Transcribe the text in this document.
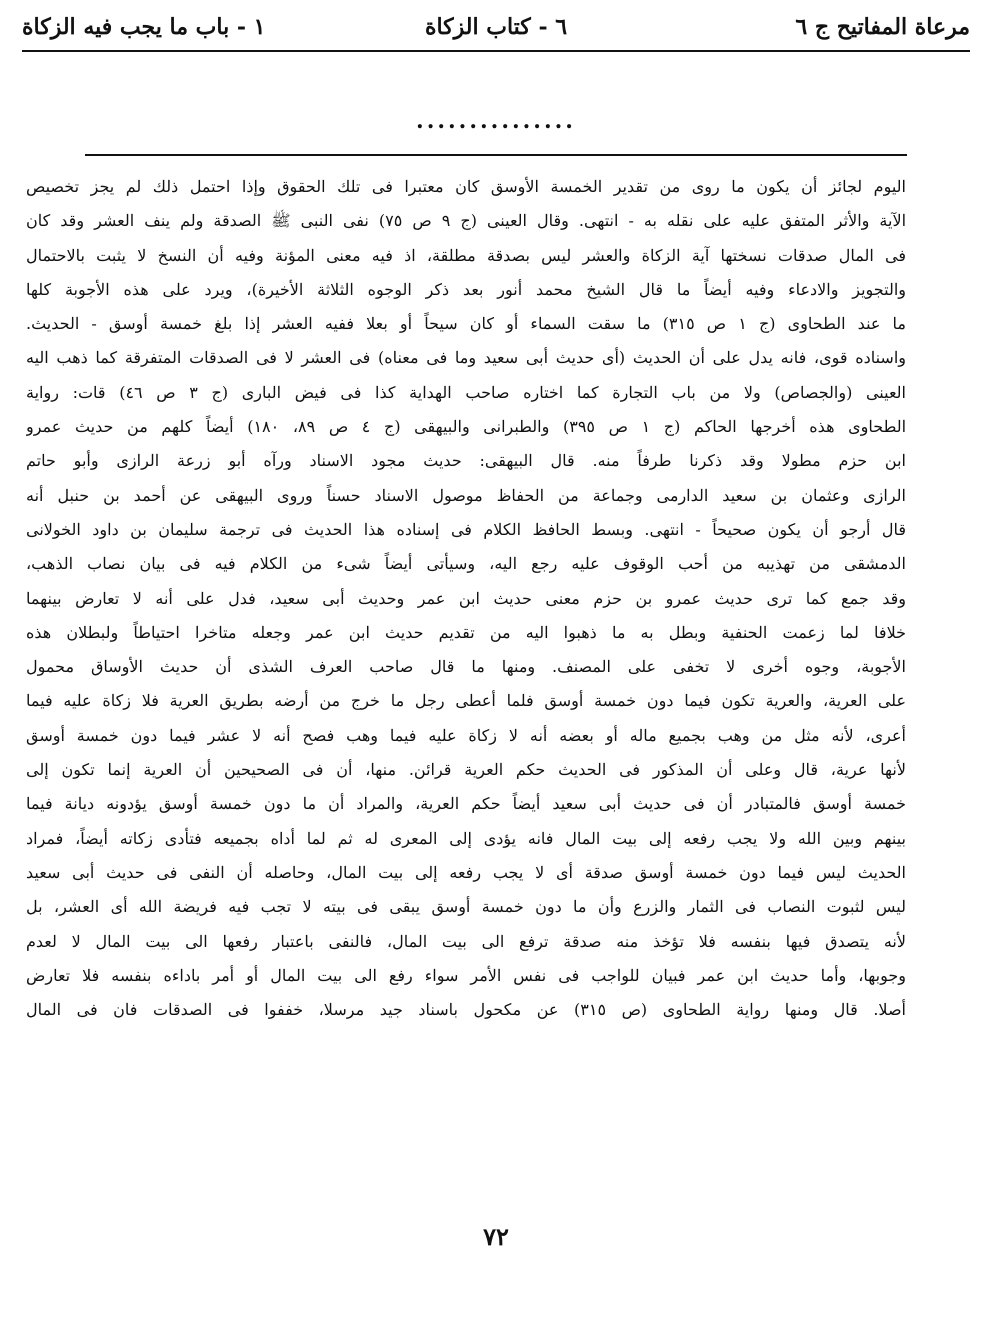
مرعاة المفاتيح ج ٦
٦ - كتاب الزكاة
١ - باب ما يجب فيه الزكاة
...............
اليوم لجائز أن يكون ما روى من تقدير الخمسة الأوسق كان معتبرا فى تلك الحقوق وإذا احتمل ذلك لم يجز تخصيص
الآية والأثر المتفق عليه على نقله به - انتهى. وقال العينى (ج ٩ ص ٧٥) نفى النبى ﷺ الصدقة ولم ينف العشر وقد كان
فى المال صدقات نسختها آية الزكاة والعشر ليس بصدقة مطلقة، اذ فيه معنى المؤنة وفيه أن النسخ لا يثبت بالاحتمال
والتجويز والادعاء وفيه أيضاً ما قال الشيخ محمد أنور بعد ذكر الوجوه الثلاثة الأخيرة)، ويرد على هذه الأجوبة كلها
ما عند الطحاوى (ج ١ ص ٣١٥) ما سقت السماء أو كان سيحاً أو بعلا ففيه العشر إذا بلغ خمسة أوسق - الحديث.
واسناده قوى، فانه يدل على أن الحديث (أى حديث أبى سعيد وما فى معناه) فى العشر لا فى الصدقات المتفرقة كما ذهب اليه
العينى (والجصاص) ولا من باب التجارة كما اختاره صاحب الهداية كذا فى فيض البارى (ج ٣ ص ٤٦) قات: رواية
الطحاوى هذه أخرجها الحاكم (ج ١ ص ٣٩٥) والطبرانى والبيهقى (ج ٤ ص ٨٩، ١٨٠) أيضاً كلهم من حديث عمرو
ابن حزم مطولا وقد ذكرنا طرفاً منه. قال البيهقى: حديث مجود الاسناد ورآه أبو زرعة الرازى وأبو حاتم
الرازى وعثمان بن سعيد الدارمى وجماعة من الحفاظ موصول الاسناد حسناً وروى البيهقى عن أحمد بن حنبل أنه
قال أرجو أن يكون صحيحاً - انتهى. وبسط الحافظ الكلام فى إسناده هذا الحديث فى ترجمة سليمان بن داود الخولانى
الدمشقى من تهذيبه من أحب الوقوف عليه رجع اليه، وسيأتى أيضاً شىء من الكلام فيه فى بيان نصاب الذهب،
وقد جمع كما ترى حديث عمرو بن حزم معنى حديث ابن عمر وحديث أبى سعيد، فدل على أنه لا تعارض بينهما
خلافا لما زعمت الحنفية وبطل به ما ذهبوا اليه من تقديم حديث ابن عمر وجعله متاخرا احتياطاً ولبطلان هذه
الأجوبة، وجوه أخرى لا تخفى على المصنف. ومنها ما قال صاحب العرف الشذى أن حديث الأوساق محمول
على العرية، والعرية تكون فيما دون خمسة أوسق فلما أعطى رجل ما خرج من أرضه بطريق العرية فلا زكاة عليه فيما
أعرى، لأنه مثل من وهب بجميع ماله أو بعضه أنه لا زكاة عليه فيما وهب فصح أنه لا عشر فيما دون خمسة أوسق
لأنها عرية، قال وعلى أن المذكور فى الحديث حكم العرية قرائن. منها، أن فى الصحيحين أن العرية إنما تكون إلى
خمسة أوسق فالمتبادر أن فى حديث أبى سعيد أيضاً حكم العرية، والمراد أن ما دون خمسة أوسق يؤدونه ديانة فيما
بينهم وبين الله ولا يجب رفعه إلى بيت المال فانه يؤدى إلى المعرى له ثم لما أداه بجميعه فتأدى زكاته أيضاً، فمراد
الحديث ليس فيما دون خمسة أوسق صدقة أى لا يجب رفعه إلى بيت المال، وحاصله أن النفى فى حديث أبى سعيد
ليس لثبوت النصاب فى الثمار والزرع وأن ما دون خمسة أوسق يبقى فى بيته لا تجب فيه فريضة الله أى العشر، بل
لأنه يتصدق فيها بنفسه فلا تؤخذ منه صدقة ترفع الى بيت المال، فالنفى باعتبار رفعها الى بيت المال لا لعدم
وجوبها، وأما حديث ابن عمر فبيان للواجب فى نفس الأمر سواء رفع الى بيت المال أو أمر باداءه بنفسه فلا تعارض
أصلا. قال ومنها رواية الطحاوى (ص ٣١٥) عن مكحول باسناد جيد مرسلا، خففوا فى الصدقات فان فى المال
٧٢
